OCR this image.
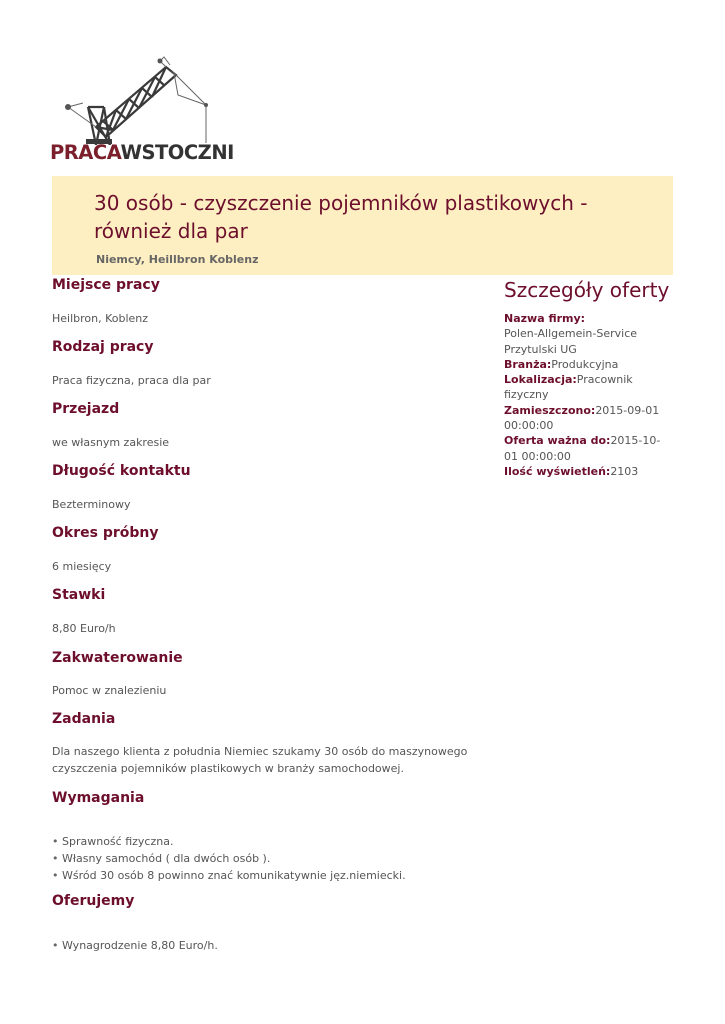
PRACAWSTOCZNI
30 osób - czyszczenie pojemników plastikowych - również dla par
Niemcy, Heillbron Koblenz
Miejsce pracy
Heilbron, Koblenz
Rodzaj pracy
Praca fizyczna, praca dla par
Przejazd
we własnym zakresie
Długość kontaktu
Bezterminowy
Okres próbny
6 miesięcy
Stawki
8,80 Euro/h
Zakwaterowanie
Pomoc w znalezieniu
Zadania
Dla naszego klienta z południa Niemiec szukamy 30 osób do maszynowego czyszczenia pojemników plastikowych w branży samochodowej.
Wymagania
• Sprawność fizyczna.
• Własny samochód ( dla dwóch osób ).
• Wśród 30 osób 8 powinno znać komunikatywnie jęz.niemiecki.
Oferujemy
• Wynagrodzenie 8,80 Euro/h.
Szczegóły oferty
Nazwa firmy:
Polen-Allgemein-Service Przytulski UG
Branża:Produkcyjna
Lokalizacja:Pracownik fizyczny
Zamieszczono:2015-09-01 00:00:00
Oferta ważna do:2015-10-01 00:00:00
Ilość wyświetleń:2103
